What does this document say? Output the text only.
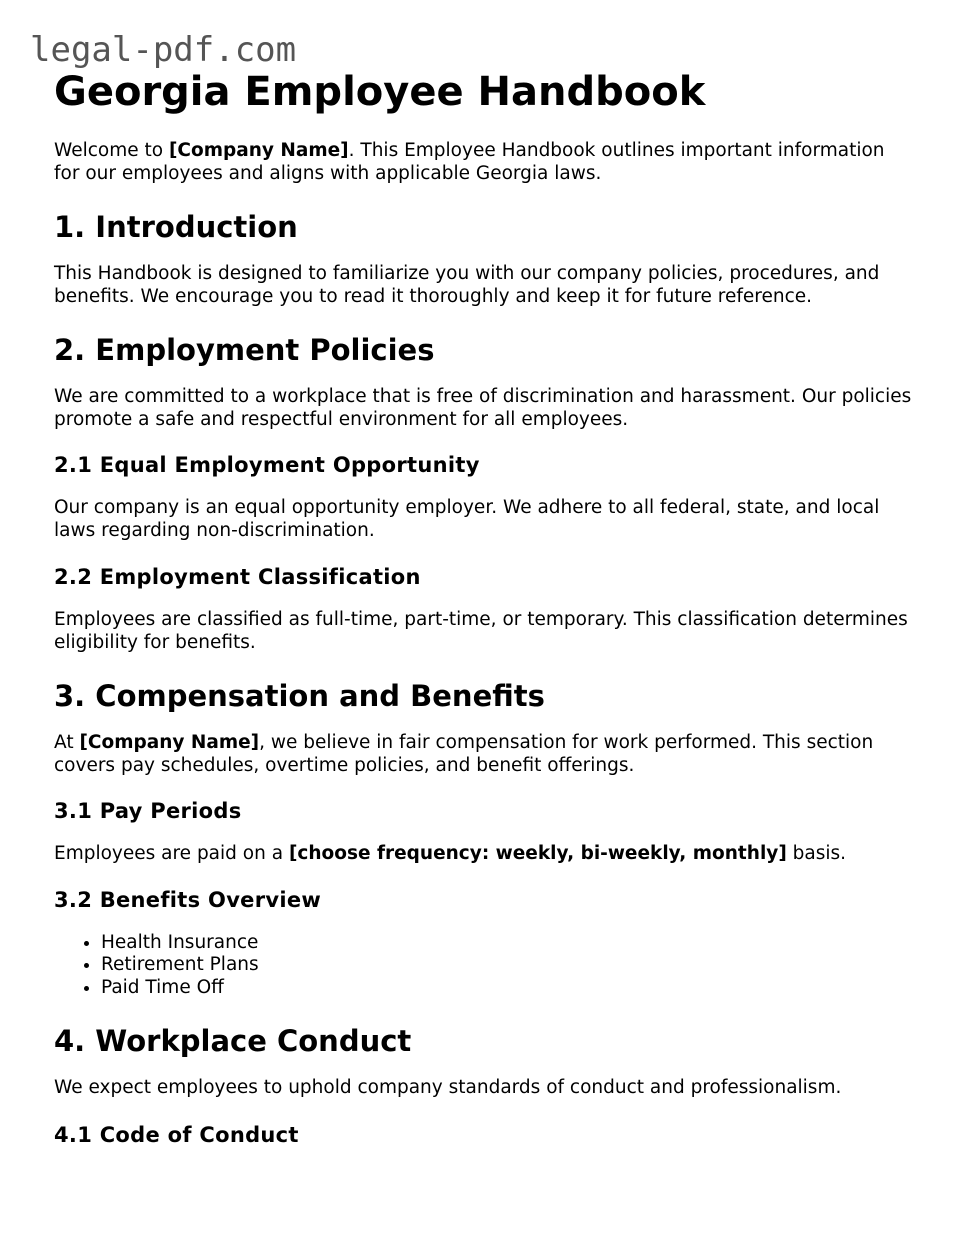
legal-pdf.com
Georgia Employee Handbook

Welcome to [Company Name]. This Employee Handbook outlines important information for our employees and aligns with applicable Georgia laws.

1. Introduction

This Handbook is designed to familiarize you with our company policies, procedures, and benefits. We encourage you to read it thoroughly and keep it for future reference.

2. Employment Policies

We are committed to a workplace that is free of discrimination and harassment. Our policies promote a safe and respectful environment for all employees.

2.1 Equal Employment Opportunity

Our company is an equal opportunity employer. We adhere to all federal, state, and local laws regarding non-discrimination.

2.2 Employment Classification

Employees are classified as full-time, part-time, or temporary. This classification determines eligibility for benefits.

3. Compensation and Benefits

At [Company Name], we believe in fair compensation for work performed. This section covers pay schedules, overtime policies, and benefit offerings.

3.1 Pay Periods

Employees are paid on a [choose frequency: weekly, bi-weekly, monthly] basis.

3.2 Benefits Overview
• Health Insurance
• Retirement Plans
• Paid Time Off
4. Workplace Conduct

We expect employees to uphold company standards of conduct and professionalism.

4.1 Code of Conduct
